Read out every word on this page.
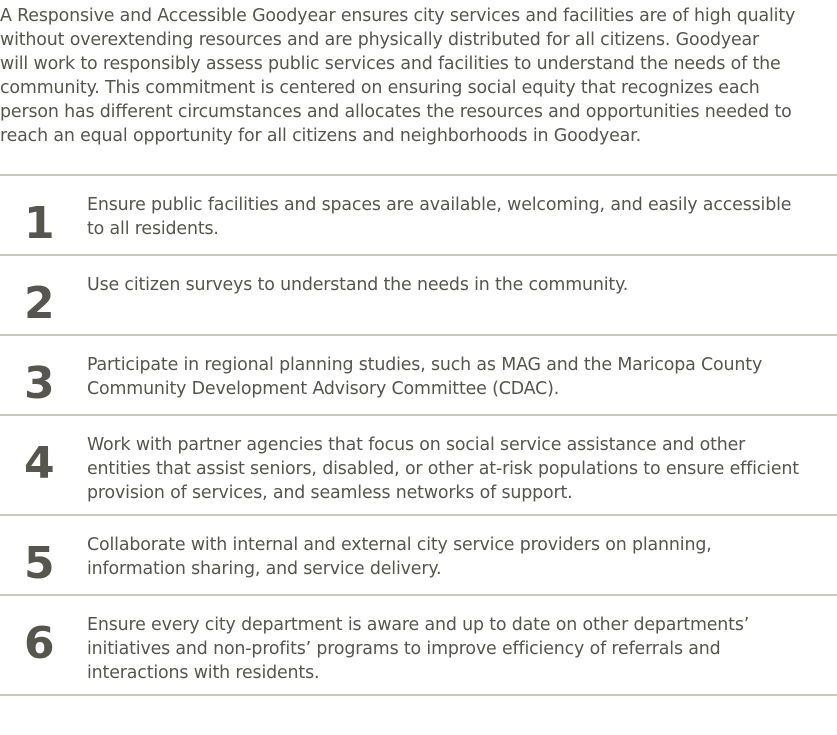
A Responsive and Accessible Goodyear ensures city services and facilities are of high quality
without overextending resources and are physically distributed for all citizens. Goodyear
will work to responsibly assess public services and facilities to understand the needs of the
community. This commitment is centered on ensuring social equity that recognizes each
person has different circumstances and allocates the resources and opportunities needed to
reach an equal opportunity for all citizens and neighborhoods in Goodyear.

1 Ensure public facilities and spaces are available, welcoming, and easily accessible
to all residents.

2 Use citizen surveys to understand the needs in the community.

3 Participate in regional planning studies, such as MAG and the Maricopa County
Community Development Advisory Committee (CDAC).

4 Work with partner agencies that focus on social service assistance and other
entities that assist seniors, disabled, or other at-risk populations to ensure efficient
provision of services, and seamless networks of support.

5 Collaborate with internal and external city service providers on planning,
information sharing, and service delivery.

6 Ensure every city department is aware and up to date on other departments’
initiatives and non-profits’ programs to improve efficiency of referrals and
interactions with residents.
